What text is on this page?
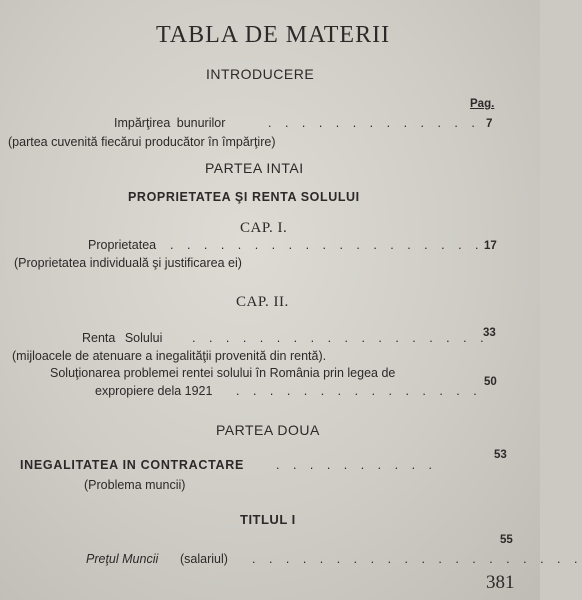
TABLA DE MATERII
INTRODUCERE
Pag.
Impărţirea bunurilor	. . . . . . . . . . . . . 7
(partea cuvenită fiecărui producător în împărţire)
PARTEA INTAI
PROPRIETATEA ŞI RENTA SOLULUI
CAP. I.
Proprietatea . . . . . . . . . . . . . . . . . . . 17
(Proprietatea individuală şi justificarea ei)
CAP. II.
Renta Solului . . . . . . . . . . . . . . . . . .
33
(mijloacele de atenuare a inegalităţii provenită din rentă).
Soluţionarea problemei rentei solului în România prin legea de
expropiere dela 1921 . . . . . . . . . . . . . . .
50
PARTEA DOUA
INEGALITATEA IN CONTRACTARE	. . . . . . . . . .
53
(Problema muncii)
TITLUL I
Preţul Muncii (salariul) . . . . . . . . . . . . . . . . . . . .
55
381
